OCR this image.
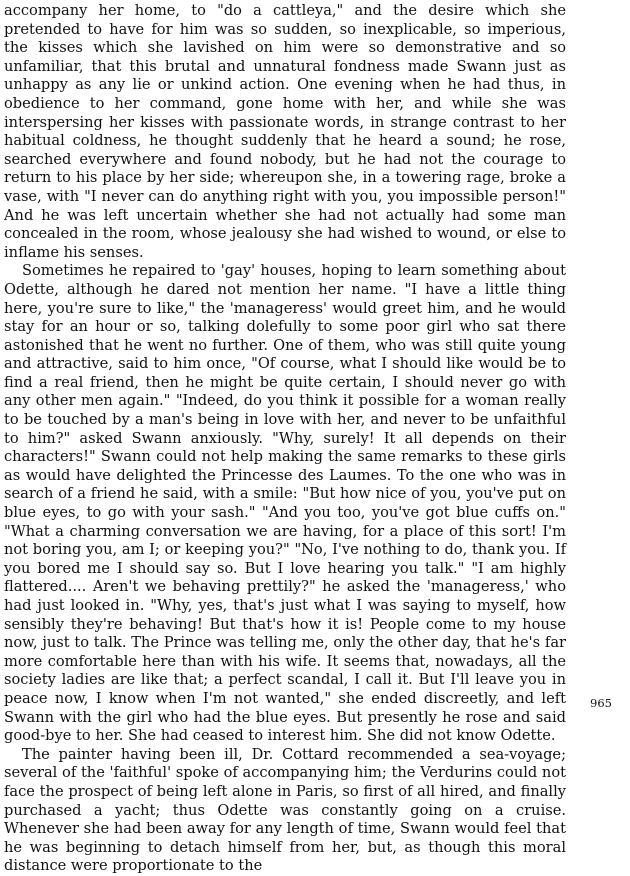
accompany her home, to "do a cattleya," and the desire which she pretended to have for him was so sudden, so inexplicable, so imperious, the kisses which she lavished on him were so demonstrative and so unfamiliar, that this brutal and unnatural fondness made Swann just as unhappy as any lie or unkind action. One evening when he had thus, in obedience to her command, gone home with her, and while she was interspersing her kisses with passionate words, in strange contrast to her habitual coldness, he thought suddenly that he heard a sound; he rose, searched everywhere and found nobody, but he had not the courage to return to his place by her side; whereupon she, in a towering rage, broke a vase, with "I never can do anything right with you, you impossible person!" And he was left uncertain whether she had not actually had some man concealed in the room, whose jealousy she had wished to wound, or else to inflame his senses.

Sometimes he repaired to 'gay' houses, hoping to learn something about Odette, although he dared not mention her name. "I have a little thing here, you're sure to like," the 'manageress' would greet him, and he would stay for an hour or so, talking dolefully to some poor girl who sat there astonished that he went no further. One of them, who was still quite young and attractive, said to him once, "Of course, what I should like would be to find a real friend, then he might be quite certain, I should never go with any other men again." "Indeed, do you think it possible for a woman really to be touched by a man's being in love with her, and never to be unfaithful to him?" asked Swann anxiously. "Why, surely! It all depends on their characters!" Swann could not help making the same remarks to these girls as would have delighted the Princesse des Laumes. To the one who was in search of a friend he said, with a smile: "But how nice of you, you've put on blue eyes, to go with your sash." "And you too, you've got blue cuffs on." "What a charming conversation we are having, for a place of this sort! I'm not boring you, am I; or keeping you?" "No, I've nothing to do, thank you. If you bored me I should say so. But I love hearing you talk." "I am highly flattered.... Aren't we behaving prettily?" he asked the 'manageress,' who had just looked in. "Why, yes, that's just what I was saying to myself, how sensibly they're behaving! But that's how it is! People come to my house now, just to talk. The Prince was telling me, only the other day, that he's far more comfortable here than with his wife. It seems that, nowadays, all the society ladies are like that; a perfect scandal, I call it. But I'll leave you in peace now, I know when I'm not wanted," she ended discreetly, and left Swann with the girl who had the blue eyes. But presently he rose and said good-bye to her. She had ceased to interest him. She did not know Odette.

The painter having been ill, Dr. Cottard recommended a sea-voyage; several of the 'faithful' spoke of accompanying him; the Verdurins could not face the prospect of being left alone in Paris, so first of all hired, and finally purchased a yacht; thus Odette was constantly going on a cruise. Whenever she had been away for any length of time, Swann would feel that he was beginning to detach himself from her, but, as though this moral distance were proportionate to the

965
